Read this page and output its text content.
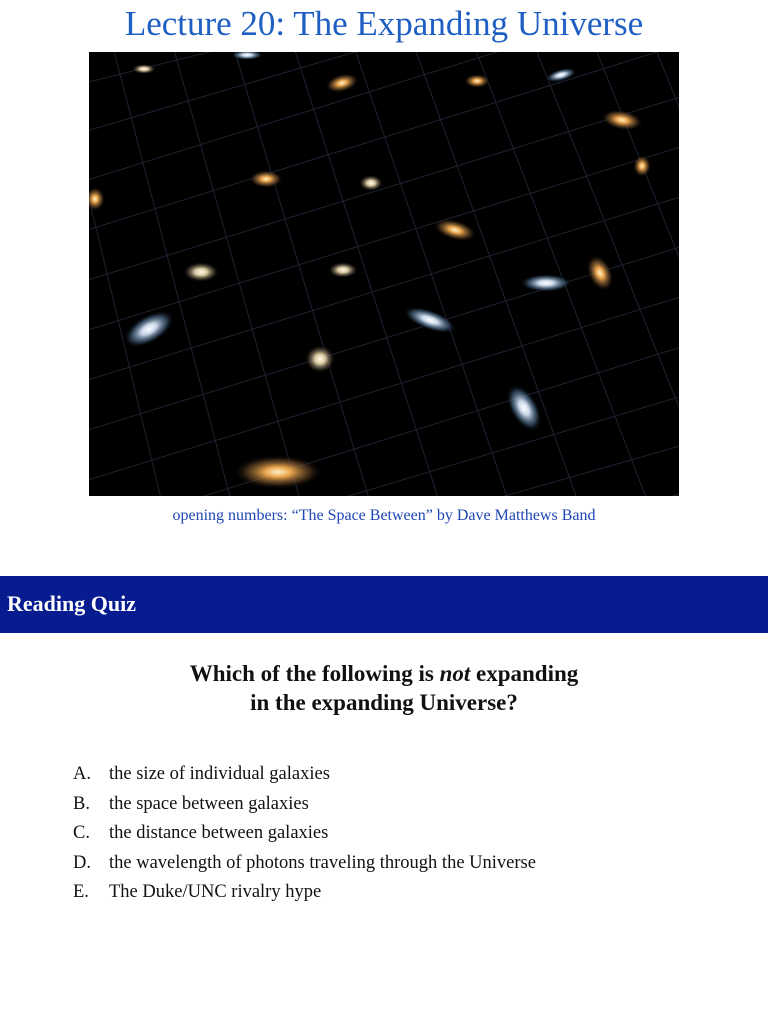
Lecture 20: The Expanding Universe
opening numbers: “The Space Between” by Dave Matthews Band
Reading Quiz
Which of the following is not expanding
in the expanding Universe?
A. the size of individual galaxies
B. the space between galaxies
C. the distance between galaxies
D. the wavelength of photons traveling through the Universe
E. The Duke/UNC rivalry hype
